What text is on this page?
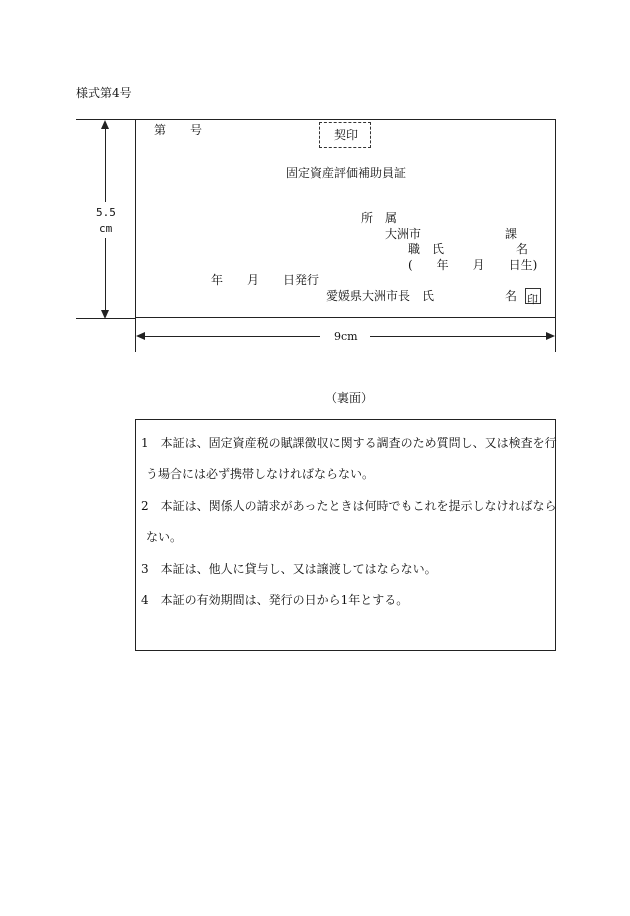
様式第4号
第　　号	契印
固定資産評価補助員証
所　属
大洲市　　　　　　　課
職　氏　　　　　　名
(　　年　　月　　日生)
年　　月　　日発行
愛媛県大洲市長　氏	名 印
5.5
cm
9cm
（裏面）
1　本証は、固定資産税の賦課徴収に関する調査のため質問し、又は検査を行
う場合には必ず携帯しなければならない。
2　本証は、関係人の請求があったときは何時でもこれを提示しなければなら
ない。
3　本証は、他人に貸与し、又は譲渡してはならない。
4　本証の有効期間は、発行の日から1年とする。
